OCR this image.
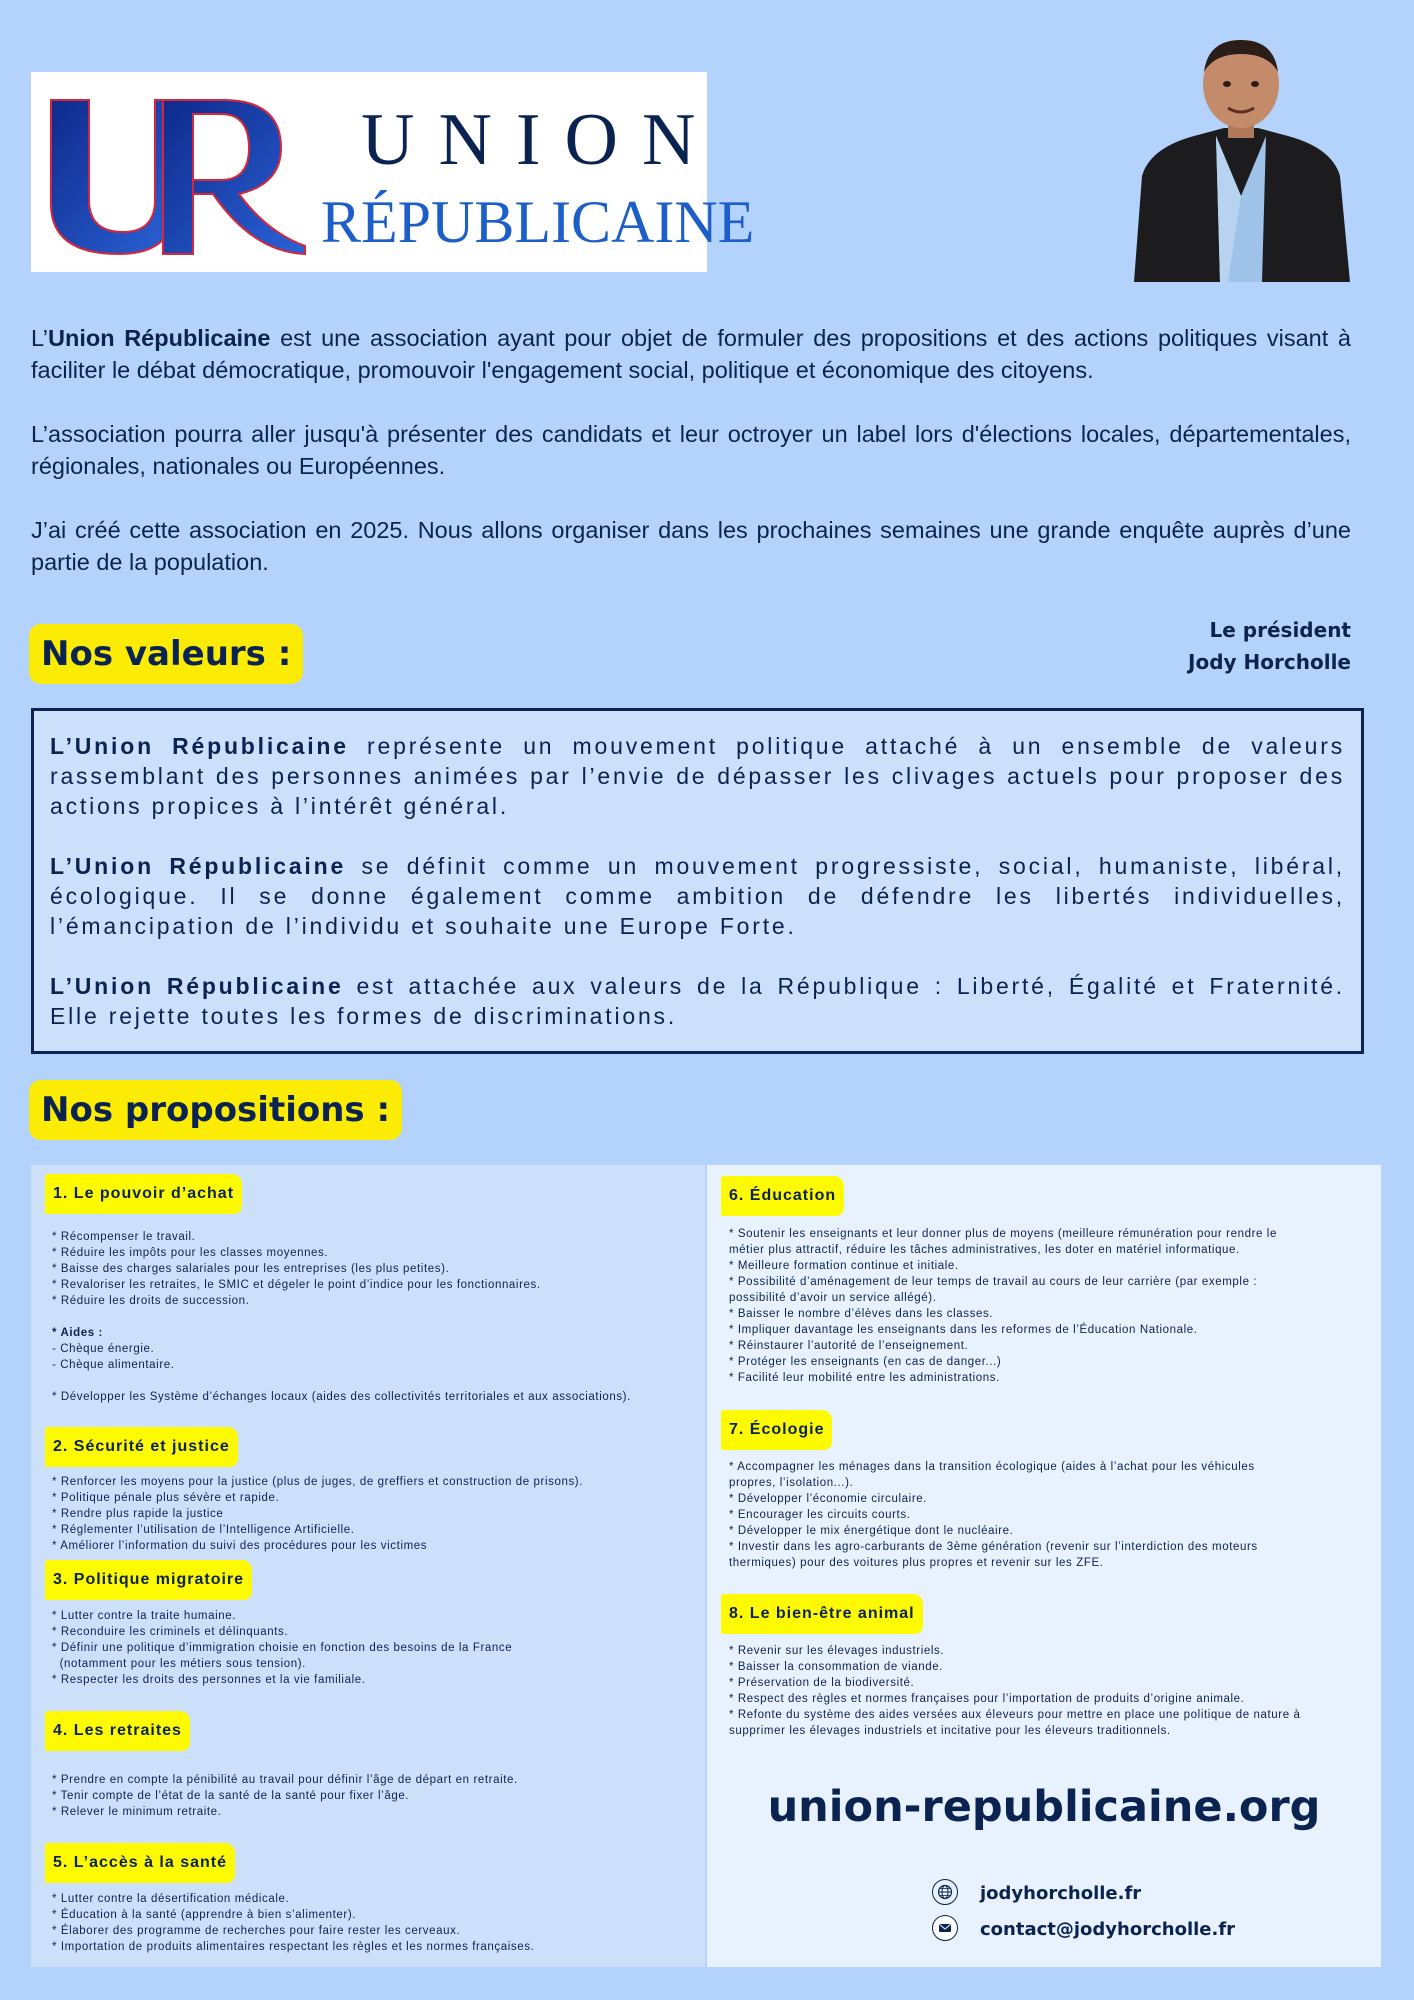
UNION
RÉPUBLICAINE

L’Union Républicaine est une association ayant pour objet de formuler des propositions et des actions politiques visant à faciliter le débat démocratique, promouvoir l'engagement social, politique et économique des citoyens.

L’association pourra aller jusqu'à présenter des candidats et leur octroyer un label lors d'élections locales, départementales, régionales, nationales ou Européennes.

J’ai créé cette association en 2025. Nous allons organiser dans les prochaines semaines une grande enquête auprès d’une partie de la population.

Nos valeurs :
Le président
Jody Horcholle

L’Union Républicaine représente un mouvement politique attaché à un ensemble de valeurs rassemblant des personnes animées par l’envie de dépasser les clivages actuels pour proposer des actions propices à l’intérêt général.

L’Union Républicaine se définit comme un mouvement progressiste, social, humaniste, libéral, écologique. Il se donne également comme ambition de défendre les libertés individuelles, l’émancipation de l’individu et souhaite une Europe Forte.

L’Union Républicaine est attachée aux valeurs de la République : Liberté, Égalité et Fraternité. Elle rejette toutes les formes de discriminations.

Nos propositions :
1. Le pouvoir d’achat
* Récompenser le travail.
* Réduire les impôts pour les classes moyennes.
* Baisse des charges salariales pour les entreprises (les plus petites).
* Revaloriser les retraites, le SMIC et dégeler le point d’indice pour les fonctionnaires.
* Réduire les droits de succession.

* Aides :
- Chèque énergie.
- Chèque alimentaire.

* Développer les Système d’échanges locaux (aides des collectivités territoriales et aux associations).
2. Sécurité et justice
* Renforcer les moyens pour la justice (plus de juges, de greffiers et construction de prisons).
* Politique pénale plus sévère et rapide.
* Rendre plus rapide la justice
* Réglementer l’utilisation de l’Intelligence Artificielle.
* Améliorer l’information du suivi des procédures pour les victimes
3. Politique migratoire
* Lutter contre la traite humaine.
* Reconduire les criminels et délinquants.
* Définir une politique d’immigration choisie en fonction des besoins de la France
(notamment pour les métiers sous tension).
* Respecter les droits des personnes et la vie familiale.
4. Les retraites
* Prendre en compte la pénibilité au travail pour définir l’âge de départ en retraite.
* Tenir compte de l’état de la santé de la santé pour fixer l’âge.
* Relever le minimum retraite.
5. L’accès à la santé
* Lutter contre la désertification médicale.
* Éducation à la santé (apprendre à bien s’alimenter).
* Élaborer des programme de recherches pour faire rester les cerveaux.
* Importation de produits alimentaires respectant les règles et les normes françaises.
6. Éducation
* Soutenir les enseignants et leur donner plus de moyens (meilleure rémunération pour rendre le
métier plus attractif, réduire les tâches administratives, les doter en matériel informatique.
* Meilleure formation continue et initiale.
* Possibilité d’aménagement de leur temps de travail au cours de leur carrière (par exemple :
possibilité d’avoir un service allégé).
* Baisser le nombre d’élèves dans les classes.
* Impliquer davantage les enseignants dans les reformes de l’Éducation Nationale.
* Réinstaurer l’autorité de l’enseignement.
* Protéger les enseignants (en cas de danger...)
* Facilité leur mobilité entre les administrations.
7. Écologie
* Accompagner les ménages dans la transition écologique (aides à l’achat pour les véhicules
propres, l’isolation...).
* Développer l’économie circulaire.
* Encourager les circuits courts.
* Développer le mix énergétique dont le nucléaire.
* Investir dans les agro-carburants de 3ème génération (revenir sur l’interdiction des moteurs
thermiques) pour des voitures plus propres et revenir sur les ZFE.
8. Le bien-être animal
* Revenir sur les élevages industriels.
* Baisser la consommation de viande.
* Préservation de la biodiversité.
* Respect des règles et normes françaises pour l’importation de produits d’origine animale.
* Refonte du système des aides versées aux éleveurs pour mettre en place une politique de nature à
supprimer les élevages industriels et incitative pour les éleveurs traditionnels.
union-republicaine.org
jodyhorcholle.fr
contact@jodyhorcholle.fr
